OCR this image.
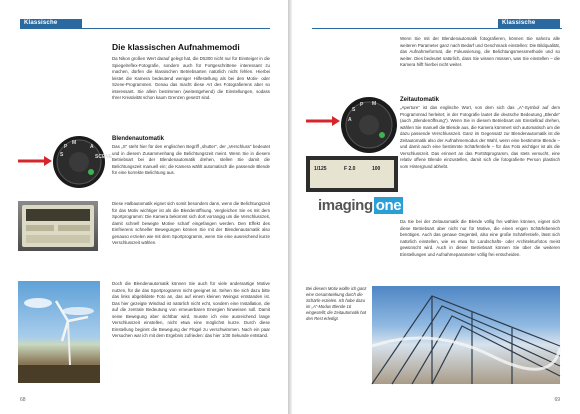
Klassische Aufnahmemodi
Die klassischen Aufnahmemodi
Da Nikon großen Wert darauf gelegt hat, die D5300 nicht nur für Einsteiger in die Spiegelreflex-Fotografie, sondern auch für Fortgeschrittene interessant zu machen, dürfen die klassischen Betriebsarten natürlich nicht fehlen. Hierbei leistet die Kamera bedeutend weniger Hilfestellung als bei den Motiv- oder Szene-Programmen. Genau das macht diese Art des Fotografierens aber so interessant. Sie allein bestimmen (weitestgehend) die Einstellungen, sodass Ihrer Kreativität schon kaum Grenzen gesetzt sind.
S
P
M
A
SCENE
Blendenautomatik
Das „S“ steht hier für den englischen Begriff „shutter“, der „Verschluss“ bedeutet und in diesem Zusammenhang die Belichtungszeit meint. Wenn Sie in diesem Betriebsart bei der Blendenautomatik drehen, stellen Sie damit die Belichtungszeit manuell ein; die Kamera wählt automatisch die passende Blende für eine korrekte Belichtung aus.
Diese Halbautomatik eignet sich somit besonders dann, wenn die Belichtungszeit für das Motiv wichtiger ist als die Blendenöffnung. Vergleichen Sie es mit dem Sportprogramm: Die Kamera bekommt sich dort vorrangig um die Verschlusszeit, damit schnell bewegte Motive scharf eingefangen werden. Den Effekt des Einfrierens schneller Bewegungen können Sie mit der Blendenautomatik also genauso erzielen wie mit dem Sportprogramm, wenn Sie eine ausreichend kurze Verschlusszeit wählen.
Doch die Blendenautomatik können Sie auch für viele andersartige Motive nutzen, für die das Sportprogramm nicht geeignet ist. Sehen Sie sich dazu bitte das links abgebildete Foto an, das auf einem kleinen Weingut entstanden ist. Das hier gezeigte Windrad ist natürlich nicht echt, sondern eine Installation, die auf die zentrale Bedeutung von erneuerbaren Energien hinweisen soll. Damit seine Bewegung aber sichtbar wird, musste ich eine ausreichend lange Verschlusszeit einstellen, nicht etwa eine möglichst kurze. Durch diese Einstellung beginnt die Bewegung der Flügel zu verschwimmen. Nach ein paar Versuchen war ich mit dem Ergebnis zufrieden: das hier 1/30 Sekunde entstand.
68
Klassische Aufnahmemodi
Wenn Sie mit der Blendenautomatik fotografieren, können Sie nahezu alle weiteren Parameter ganz nach Bedarf und Geschmack einstellen: Die Bildqualität, das Aufnahmeformat, die Fokussierung, die Belichtungsmessmethode und so weiter. Dies bedeutet natürlich, dass Sie wissen müssen, was Sie einstellen – die Kamera hilft hierbei nicht weiter.
A
S
P M
1/125	F 2.0	100
Zeitautomatik
„Aperture“ ist das englische Wort, von dem sich das „A“-Symbol auf dem Programmrad herleitet; in der Fotografie lautet die deutsche Bedeutung „Blende“ (auch „Blendenöffnung“). Wenn Sie in diesem Betriebsart am Einstellrad drehen, wählen Sie manuell die Blende aus, die Kamera kümmert sich automatisch um die dazu passende Verschlusszeit. Ganz im Gegensatz zur Blendenautomatik ist die Zeitautomatik also der Aufnahmemodus der Wahl, wenn eine bestimmte Blende – und damit auch eine bestimmte Schärfentiefe – für das Foto wichtiger ist als die Verschlusszeit. Das erinnert an das Porträtprogramm, das stets versucht, eine relativ offene Blende einzustellen, damit sich die fotografierte Person plastisch vom Hintergrund abhebt.
Da Sie bei der Zeitautomatik die Blende völlig frei wählen können, eignet sich diese Betriebsart aber nicht nur für Motive, die einen engen Schärfebereich benötigen. Auch das genaue Gegenteil, also eine große Schärfentiefe, lässt sich natürlich einstellen, wie es etwa für Landschafts- oder Architekturfotos meist gewünscht wird. Auch in dieser Betriebsart können Sie über die weiteren Einstellungen und Aufnahmeparameter völlig frei entscheiden.
Bei diesem Motiv wollte ich ganz eine Gesamtwirkung durch die Schärfe erzielen. Ich habe dazu im „A“-Modus Blende 16 eingestellt; die Zeitautomatik hat den Rest erledigt.
69
imaging one
